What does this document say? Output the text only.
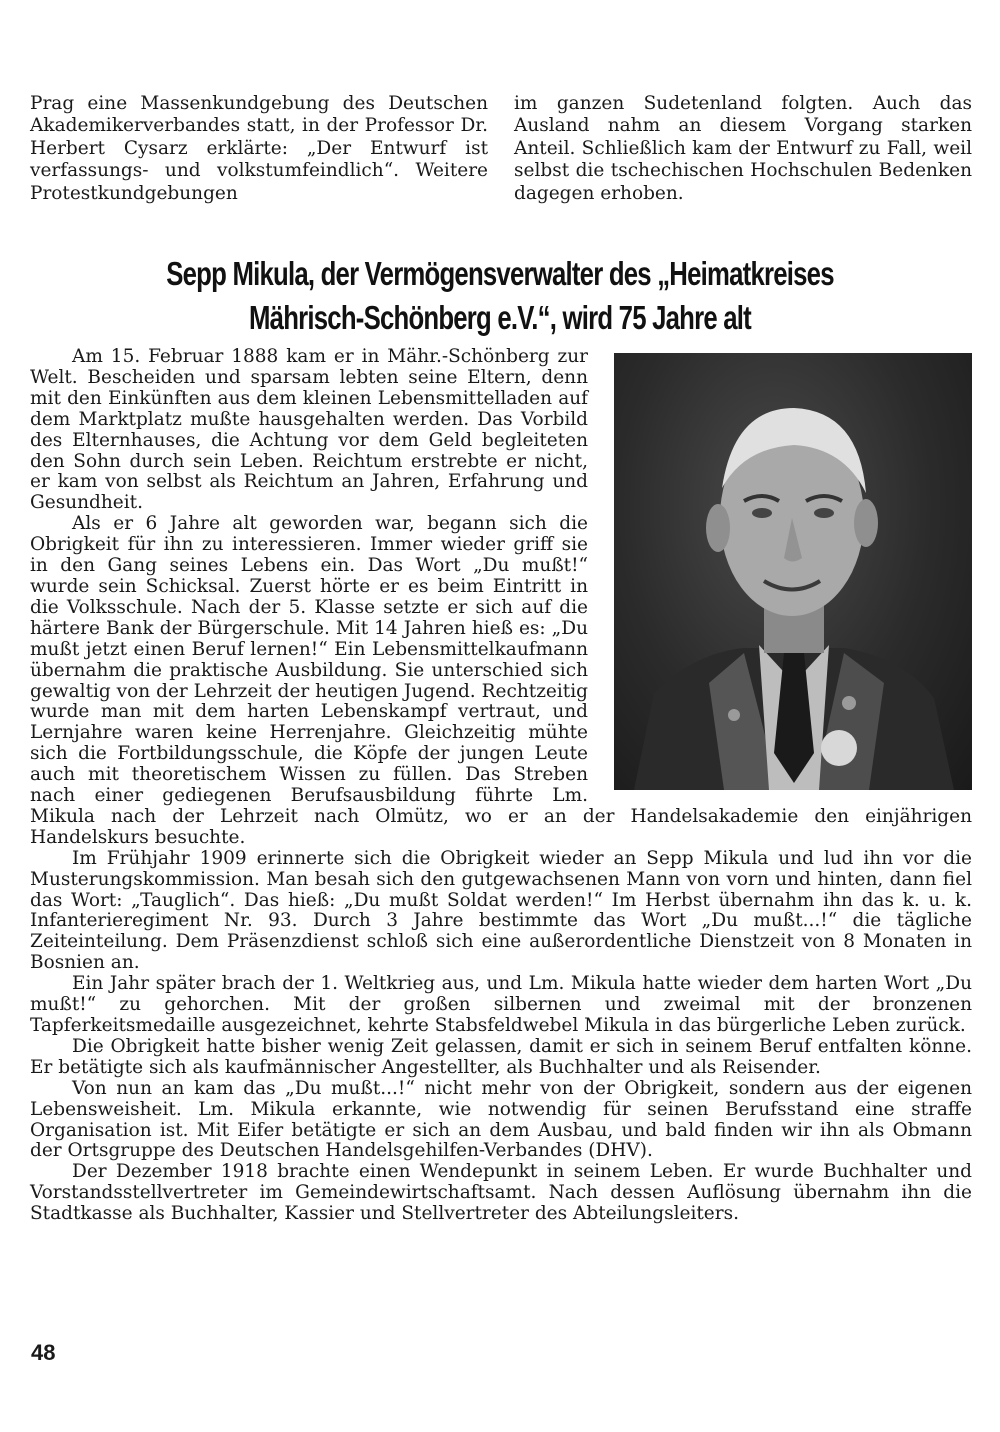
Prag eine Massenkundgebung des Deutschen Akademikerverbandes statt, in der Professor Dr. Herbert Cysarz erklärte: „Der Entwurf ist verfassungs- und volkstumfeindlich“. Weitere Protestkundgebungen

im ganzen Sudetenland folgten. Auch das Ausland nahm an diesem Vorgang starken Anteil. Schließlich kam der Entwurf zu Fall, weil selbst die tschechischen Hochschulen Bedenken dagegen erhoben.

Sepp Mikula, der Vermögensverwalter des „Heimatkreises
Mährisch-Schönberg e.V.“, wird 75 Jahre alt

Am 15. Februar 1888 kam er in Mähr.-Schönberg zur Welt. Bescheiden und sparsam lebten seine Eltern, denn mit den Einkünften aus dem kleinen Lebensmittelladen auf dem Marktplatz mußte hausgehalten werden. Das Vorbild des Elternhauses, die Achtung vor dem Geld begleiteten den Sohn durch sein Leben. Reichtum erstrebte er nicht, er kam von selbst als Reichtum an Jahren, Erfahrung und Gesundheit.

Als er 6 Jahre alt geworden war, begann sich die Obrigkeit für ihn zu interessieren. Immer wieder griff sie in den Gang seines Lebens ein. Das Wort „Du mußt!“ wurde sein Schicksal. Zuerst hörte er es beim Eintritt in die Volksschule. Nach der 5. Klasse setzte er sich auf die härtere Bank der Bürgerschule. Mit 14 Jahren hieß es: „Du mußt jetzt einen Beruf lernen!“ Ein Lebensmittelkaufmann übernahm die praktische Ausbildung. Sie unterschied sich gewaltig von der Lehrzeit der heutigen Jugend. Rechtzeitig wurde man mit dem harten Lebenskampf vertraut, und Lernjahre waren keine Herrenjahre. Gleichzeitig mühte sich die Fortbildungsschule, die Köpfe der jungen Leute auch mit theoretischem Wissen zu füllen. Das Streben nach einer gediegenen Berufsausbildung führte Lm. Mikula nach der Lehrzeit nach Olmütz, wo er an der Handelsakademie den einjährigen Handelskurs besuchte.

Im Frühjahr 1909 erinnerte sich die Obrigkeit wieder an Sepp Mikula und lud ihn vor die Musterungskommission. Man besah sich den gutgewachsenen Mann von vorn und hinten, dann fiel das Wort: „Tauglich“. Das hieß: „Du mußt Soldat werden!“ Im Herbst übernahm ihn das k. u. k. Infanterieregiment Nr. 93. Durch 3 Jahre bestimmte das Wort „Du mußt...!“ die tägliche Zeiteinteilung. Dem Präsenzdienst schloß sich eine außerordentliche Dienstzeit von 8 Monaten in Bosnien an.

Ein Jahr später brach der 1. Weltkrieg aus, und Lm. Mikula hatte wieder dem harten Wort „Du mußt!“ zu gehorchen. Mit der großen silbernen und zweimal mit der bronzenen Tapferkeitsmedaille ausgezeichnet, kehrte Stabsfeldwebel Mikula in das bürgerliche Leben zurück.

Die Obrigkeit hatte bisher wenig Zeit gelassen, damit er sich in seinem Beruf entfalten könne. Er betätigte sich als kaufmännischer Angestellter, als Buchhalter und als Reisender.

Von nun an kam das „Du mußt...!“ nicht mehr von der Obrigkeit, sondern aus der eigenen Lebensweisheit. Lm. Mikula erkannte, wie notwendig für seinen Berufsstand eine straffe Organisation ist. Mit Eifer betätigte er sich an dem Ausbau, und bald finden wir ihn als Obmann der Ortsgruppe des Deutschen Handelsgehilfen-Verbandes (DHV).

Der Dezember 1918 brachte einen Wendepunkt in seinem Leben. Er wurde Buchhalter und Vorstandsstellvertreter im Gemeindewirtschaftsamt. Nach dessen Auflösung übernahm ihn die Stadtkasse als Buchhalter, Kassier und Stellvertreter des Abteilungsleiters.

48
